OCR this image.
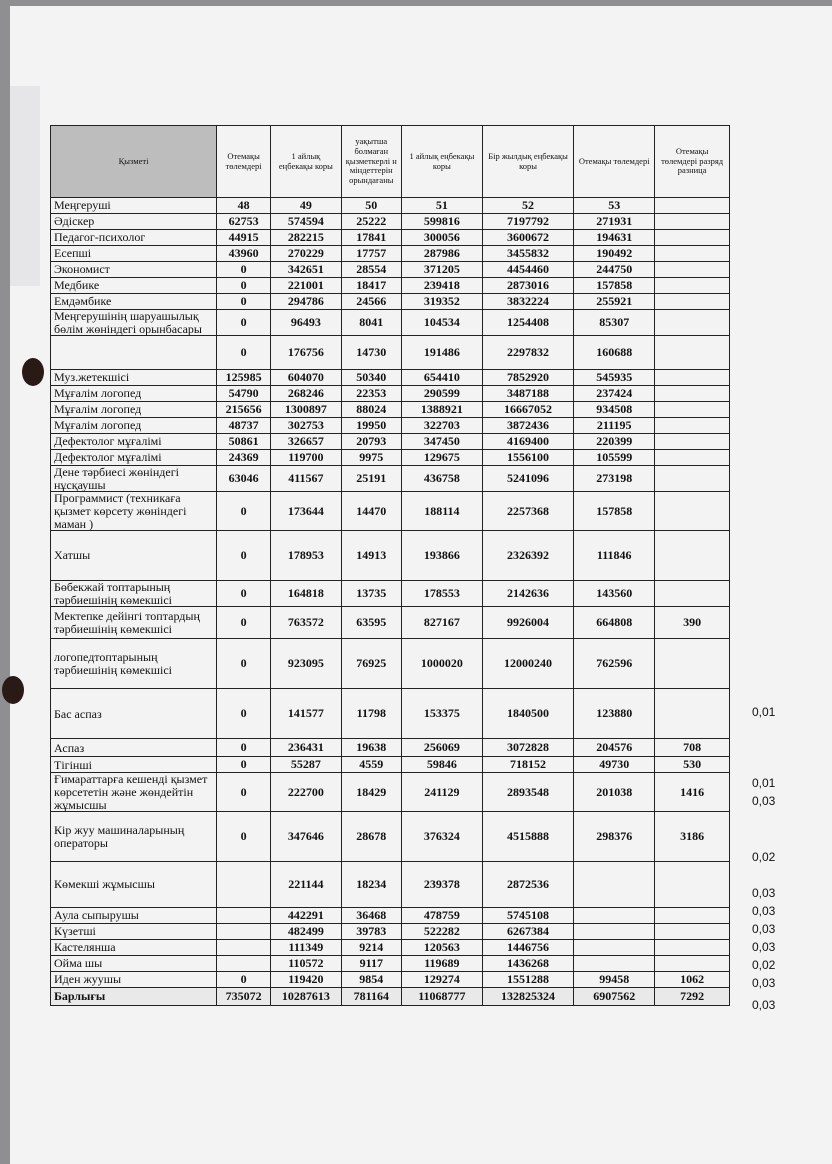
Қызметі	Отемақы төлемдері	1 айлық еңбекақы коры	уақытша болмаған қызметкерлі н міндеттерін орындағаны	1 айлық еңбекақы коры	Бір жылдық еңбекақы коры	Отемақы төлемдері	Отемақы төлемдері разряд разница
Меңгеруші	48	49	50	51	52	53	
Әдіскер	62753	574594	25222	599816	7197792	271931	
Педагог-психолог	44915	282215	17841	300056	3600672	194631	
Есепші	43960	270229	17757	287986	3455832	190492	
Экономист	0	342651	28554	371205	4454460	244750	
Медбике	0	221001	18417	239418	2873016	157858	
Емдәмбике	0	294786	24566	319352	3832224	255921	
Меңгерушінің шаруашылық бөлім жөніндегі орынбасары	0	96493	8041	104534	1254408	85307	
	0	176756	14730	191486	2297832	160688	
Муз.жетекшісі	125985	604070	50340	654410	7852920	545935	
Мұғалім логопед	54790	268246	22353	290599	3487188	237424	
Мұғалім логопед	215656	1300897	88024	1388921	16667052	934508	
Мұғалім логопед	48737	302753	19950	322703	3872436	211195	
Дефектолог мұғалімі	50861	326657	20793	347450	4169400	220399	
Дефектолог мұғалімі	24369	119700	9975	129675	1556100	105599	
Дене тәрбиесі жөніндегі нұсқаушы	63046	411567	25191	436758	5241096	273198	
Программист (техникаға қызмет көрсету жөніндегі маман )	0	173644	14470	188114	2257368	157858	
Хатшы	0	178953	14913	193866	2326392	111846	
Бөбекжай топтарының тәрбиешінің көмекшісі	0	164818	13735	178553	2142636	143560	
Мектепке дейінгі топтардың тәрбиешінің көмекшісі	0	763572	63595	827167	9926004	664808	390
логопедтоптарының тәрбиешінің көмекшісі	0	923095	76925	1000020	12000240	762596	
Бас аспаз	0	141577	11798	153375	1840500	123880	
Аспаз	0	236431	19638	256069	3072828	204576	708
Тігінші	0	55287	4559	59846	718152	49730	530
Ғимараттарға кешенді қызмет көрсететін және жөндейтін жұмысшы	0	222700	18429	241129	2893548	201038	1416
Кір жуу машиналарының операторы	0	347646	28678	376324	4515888	298376	3186
Көмекші жұмысшы		221144	18234	239378	2872536		
Аула сыпырушы		442291	36468	478759	5745108		
Күзетші		482499	39783	522282	6267384		
Кастелянша		111349	9214	120563	1446756		
Ойма шы		110572	9117	119689	1436268		
Иден жуушы	0	119420	9854	129274	1551288	99458	1062
Барлығы	735072	10287613	781164	11068777	132825324	6907562	7292
0,01
0,01
0,03
0,02
0,03
0,03
0,03
0,03
0,02
0,03
0,03
